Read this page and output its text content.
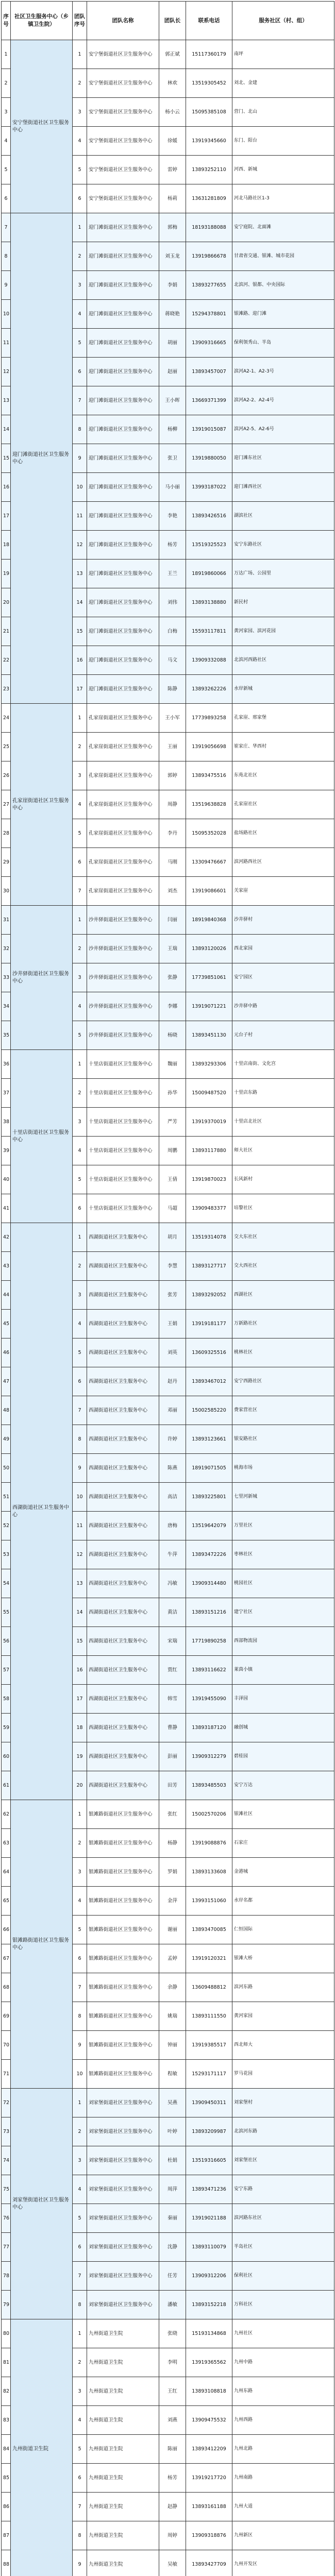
序号	社区卫生服务中心（乡镇卫生院）	团队序号	团队名称	团队长	联系电话	服务社区（村、组）
1	安宁堡街道社区卫生服务中心	1	安宁堡街道社区卫生服务中心	郭正斌	15117360179	南坪
2		2	安宁堡街道社区卫生服务中心	林欢	13519305452	刘北、金建
3		3	安宁堡街道社区卫生服务中心	杨小云	15095385108	营门、北山
4		4	安宁堡街道社区卫生服务中心	徐媛	13919345660	东门、阳台
5		5	安宁堡街道社区卫生服务中心	雷婷	13893252110	河西、新城
6		6	安宁堡街道社区卫生服务中心	杨莉	13631281809	河北马路社区1-3
7	迎门滩街道社区卫生服务中心	1	迎门滩街道社区卫生服务中心	郭梅	18193188088	安宁庭院、北面滩
8		2	迎门滩街道社区卫生服务中心	刘玉龙	13919866678	甘肃省交通、银滩、城市花园
9		3	迎门滩街道社区卫生服务中心	李娟	13893277655	北滨河、银都、中央国际
10		4	迎门滩街道社区卫生服务中心	蒋晓艳	15294378801	银滩路、迎门滩
11		5	迎门滩街道社区卫生服务中心	胡丽	13909316665	保利领秀山、半岛
12		6	迎门滩街道社区卫生服务中心	赵丽	13893457007	滨河A2-1、A2-3号
13		7	迎门滩街道社区卫生服务中心	王小晖	13669371399	滨河A2-2、A2-4号
14		8	迎门滩街道社区卫生服务中心	杨柳	13919015087	滨河A2-5、A2-6号
15		9	迎门滩街道社区卫生服务中心	张卫	13919880050	迎门滩东社区
16		10	迎门滩街道社区卫生服务中心	马小丽	13993187022	迎门滩西社区
17		11	迎门滩街道社区卫生服务中心	李艳	13893426516	湖滨社区
18		12	迎门滩街道社区卫生服务中心	杨芳	13519325523	安宁东路社区
19		13	迎门滩街道社区卫生服务中心	王兰	18919860066	万达广场、公园里
20		14	迎门滩街道社区卫生服务中心	刘伟	13893138880	新民村
21		15	迎门滩街道社区卫生服务中心	白梅	15593117811	黄河家园、滨河花园
22		16	迎门滩街道社区卫生服务中心	马文	13909332088	北滨河西路社区
23		17	迎门滩街道社区卫生服务中心	陈静	13893262226	水岸新城
24	孔家崖街道社区卫生服务中心	1	孔家崖街道社区卫生服务中心	王小军	17739893258	孔家崖、邢家堡
25		2	孔家崖街道社区卫生服务中心	王丽	13919056698	崔家庄、华西村
26		3	孔家崖街道社区卫生服务中心	郭婷	13893475516	东苑北社区
27		4	孔家崖街道社区卫生服务中心	周静	13519638828	孔家崖社区
28		5	孔家崖街道社区卫生服务中心	李丹	15095352028	盐场路社区
29		6	孔家崖街道社区卫生服务中心	马刚	13309476667	滨河路西社区
30		7	孔家崖街道社区卫生服务中心	刘杰	13919086601	关家崖
31	沙井驿街道社区卫生服务中心	1	沙井驿街道社区卫生服务中心	闫丽	18919840368	沙井驿村
32		2	沙井驿街道社区卫生服务中心	王瑞	13893120026	西北家园
33		3	沙井驿街道社区卫生服务中心	张静	17739851061	安宁园区
34		4	沙井驿街道社区卫生服务中心	李娜	13919071221	沙井驿中路
35		5	沙井驿街道社区卫生服务中心	杨晓	13893451130	元台子村
36	十里店街道社区卫生服务中心	1	十里店街道社区卫生服务中心	魏丽	13893293306	十里店南街、文化宫
37		2	十里店街道社区卫生服务中心	孙华	15009487520	十里店东路
38		3	十里店街道社区卫生服务中心	严芳	13919370019	十里店北社区
39		4	十里店街道社区卫生服务中心	周鹏	13893117880	师大社区
40		5	十里店街道社区卫生服务中心	王倩	13919870023	长风新村
41		6	十里店街道社区卫生服务中心	马超	13909483377	培黎社区
42	西湖街道社区卫生服务中心	1	西湖街道社区卫生服务中心	胡月	13519314078	交大东社区
43		2	西湖街道社区卫生服务中心	李慧	13893127717	交大西社区
44		3	西湖街道社区卫生服务中心	张芳	13893292052	西湖社区
45		4	西湖街道社区卫生服务中心	王娟	13919181177	万新路社区
46		5	西湖街道社区卫生服务中心	刘英	13609325516	桃林社区
47		6	西湖街道社区卫生服务中心	赵丹	13893467012	安宁西路社区
48		7	西湖街道社区卫生服务中心	邓丽	15002585220	费家营社区
49		8	西湖街道社区卫生服务中心	许婷	13893123661	银安路社区
50		9	西湖街道社区卫生服务中心	陈燕	18919071505	桃海市场
51		10	西湖街道社区卫生服务中心	高洁	13893225801	七里河新城
52		11	西湖街道社区卫生服务中心	唐梅	13519642079	万里社区
53		12	西湖街道社区卫生服务中心	牛萍	13893472226	枣林社区
54		13	西湖街道社区卫生服务中心	冯敏	13909314480	桃园社区
55		14	西湖街道社区卫生服务中心	黄洁	13893151216	建宁社区
56		15	西湖街道社区卫生服务中心	宋瑞	17719890258	西部物流园
57		16	西湖街道社区卫生服务中心	贾红	13893116622	莱茵小镇
58		17	西湖街道社区卫生服务中心	韩雪	13919455090	丰泽园
59		18	西湖街道社区卫生服务中心	曹静	13893187120	融创城
60		19	西湖街道社区卫生服务中心	彭丽	13909312279	碧桂园
61		20	西湖街道社区卫生服务中心	田芳	13893485503	安宁万达
62	银滩路街道社区卫生服务中心	1	银滩路街道社区卫生服务中心	张红	15002570206	银滩社区
63		2	银滩路街道社区卫生服务中心	杨静	13919088876	石家庄
64		3	银滩路街道社区卫生服务中心	罗娟	13893133608	金港城
65		4	银滩路街道社区卫生服务中心	金萍	13993151060	水岸名都
66		5	银滩路街道社区卫生服务中心	谢丽	13893470085	仁恒国际
67		6	银滩路街道社区卫生服务中心	孟婷	13919120321	银滩大桥
68		7	银滩路街道社区卫生服务中心	余静	13609488812	滨河东路
69		8	银滩路街道社区卫生服务中心	姚瑞	13893111550	黄河家园
70		9	银滩路街道社区卫生服务中心	钟丽	13919385517	西北师大
71		10	银滩路街道社区卫生服务中心	程敏	15293171117	罗马花园
72	刘家堡街道社区卫生服务中心	1	刘家堡街道社区卫生服务中心	吴燕	13909450311	刘家堡村
73		2	刘家堡街道社区卫生服务中心	叶婷	13893209987	北滨河东路
74		3	刘家堡街道社区卫生服务中心	杜娟	13519316605	刘家堡社区
75		4	刘家堡街道社区卫生服务中心	周萍	13893471236	安宁东路
76		5	刘家堡街道社区卫生服务中心	秦丽	13919021188	滨河路东社区
77		6	刘家堡街道社区卫生服务中心	沈静	13893110079	半岛社区
78		7	刘家堡街道社区卫生服务中心	任芳	13909312206	保利社区
79		8	刘家堡街道社区卫生服务中心	潘敏	13893152218	万科社区
80	九州街道卫生院	1	九州街道卫生院	张晓	15193134868	九州社区
81		2	九州街道卫生院	李明	13919365562	九州中路
82		3	九州街道卫生院	王红	13893108818	九州东路
83		4	九州街道卫生院	刘燕	13909475532	九州西路
84		5	九州街道卫生院	陈丽	13893412209	九州北路
85		6	九州街道卫生院	杨芳	13919217720	九州南路
86		7	九州街道卫生院	赵静	13893161188	九州大道
87		8	九州街道卫生院	周婷	13909318876	九州新区
88		9	九州街道卫生院	吴敏	13893427709	九州开发区
